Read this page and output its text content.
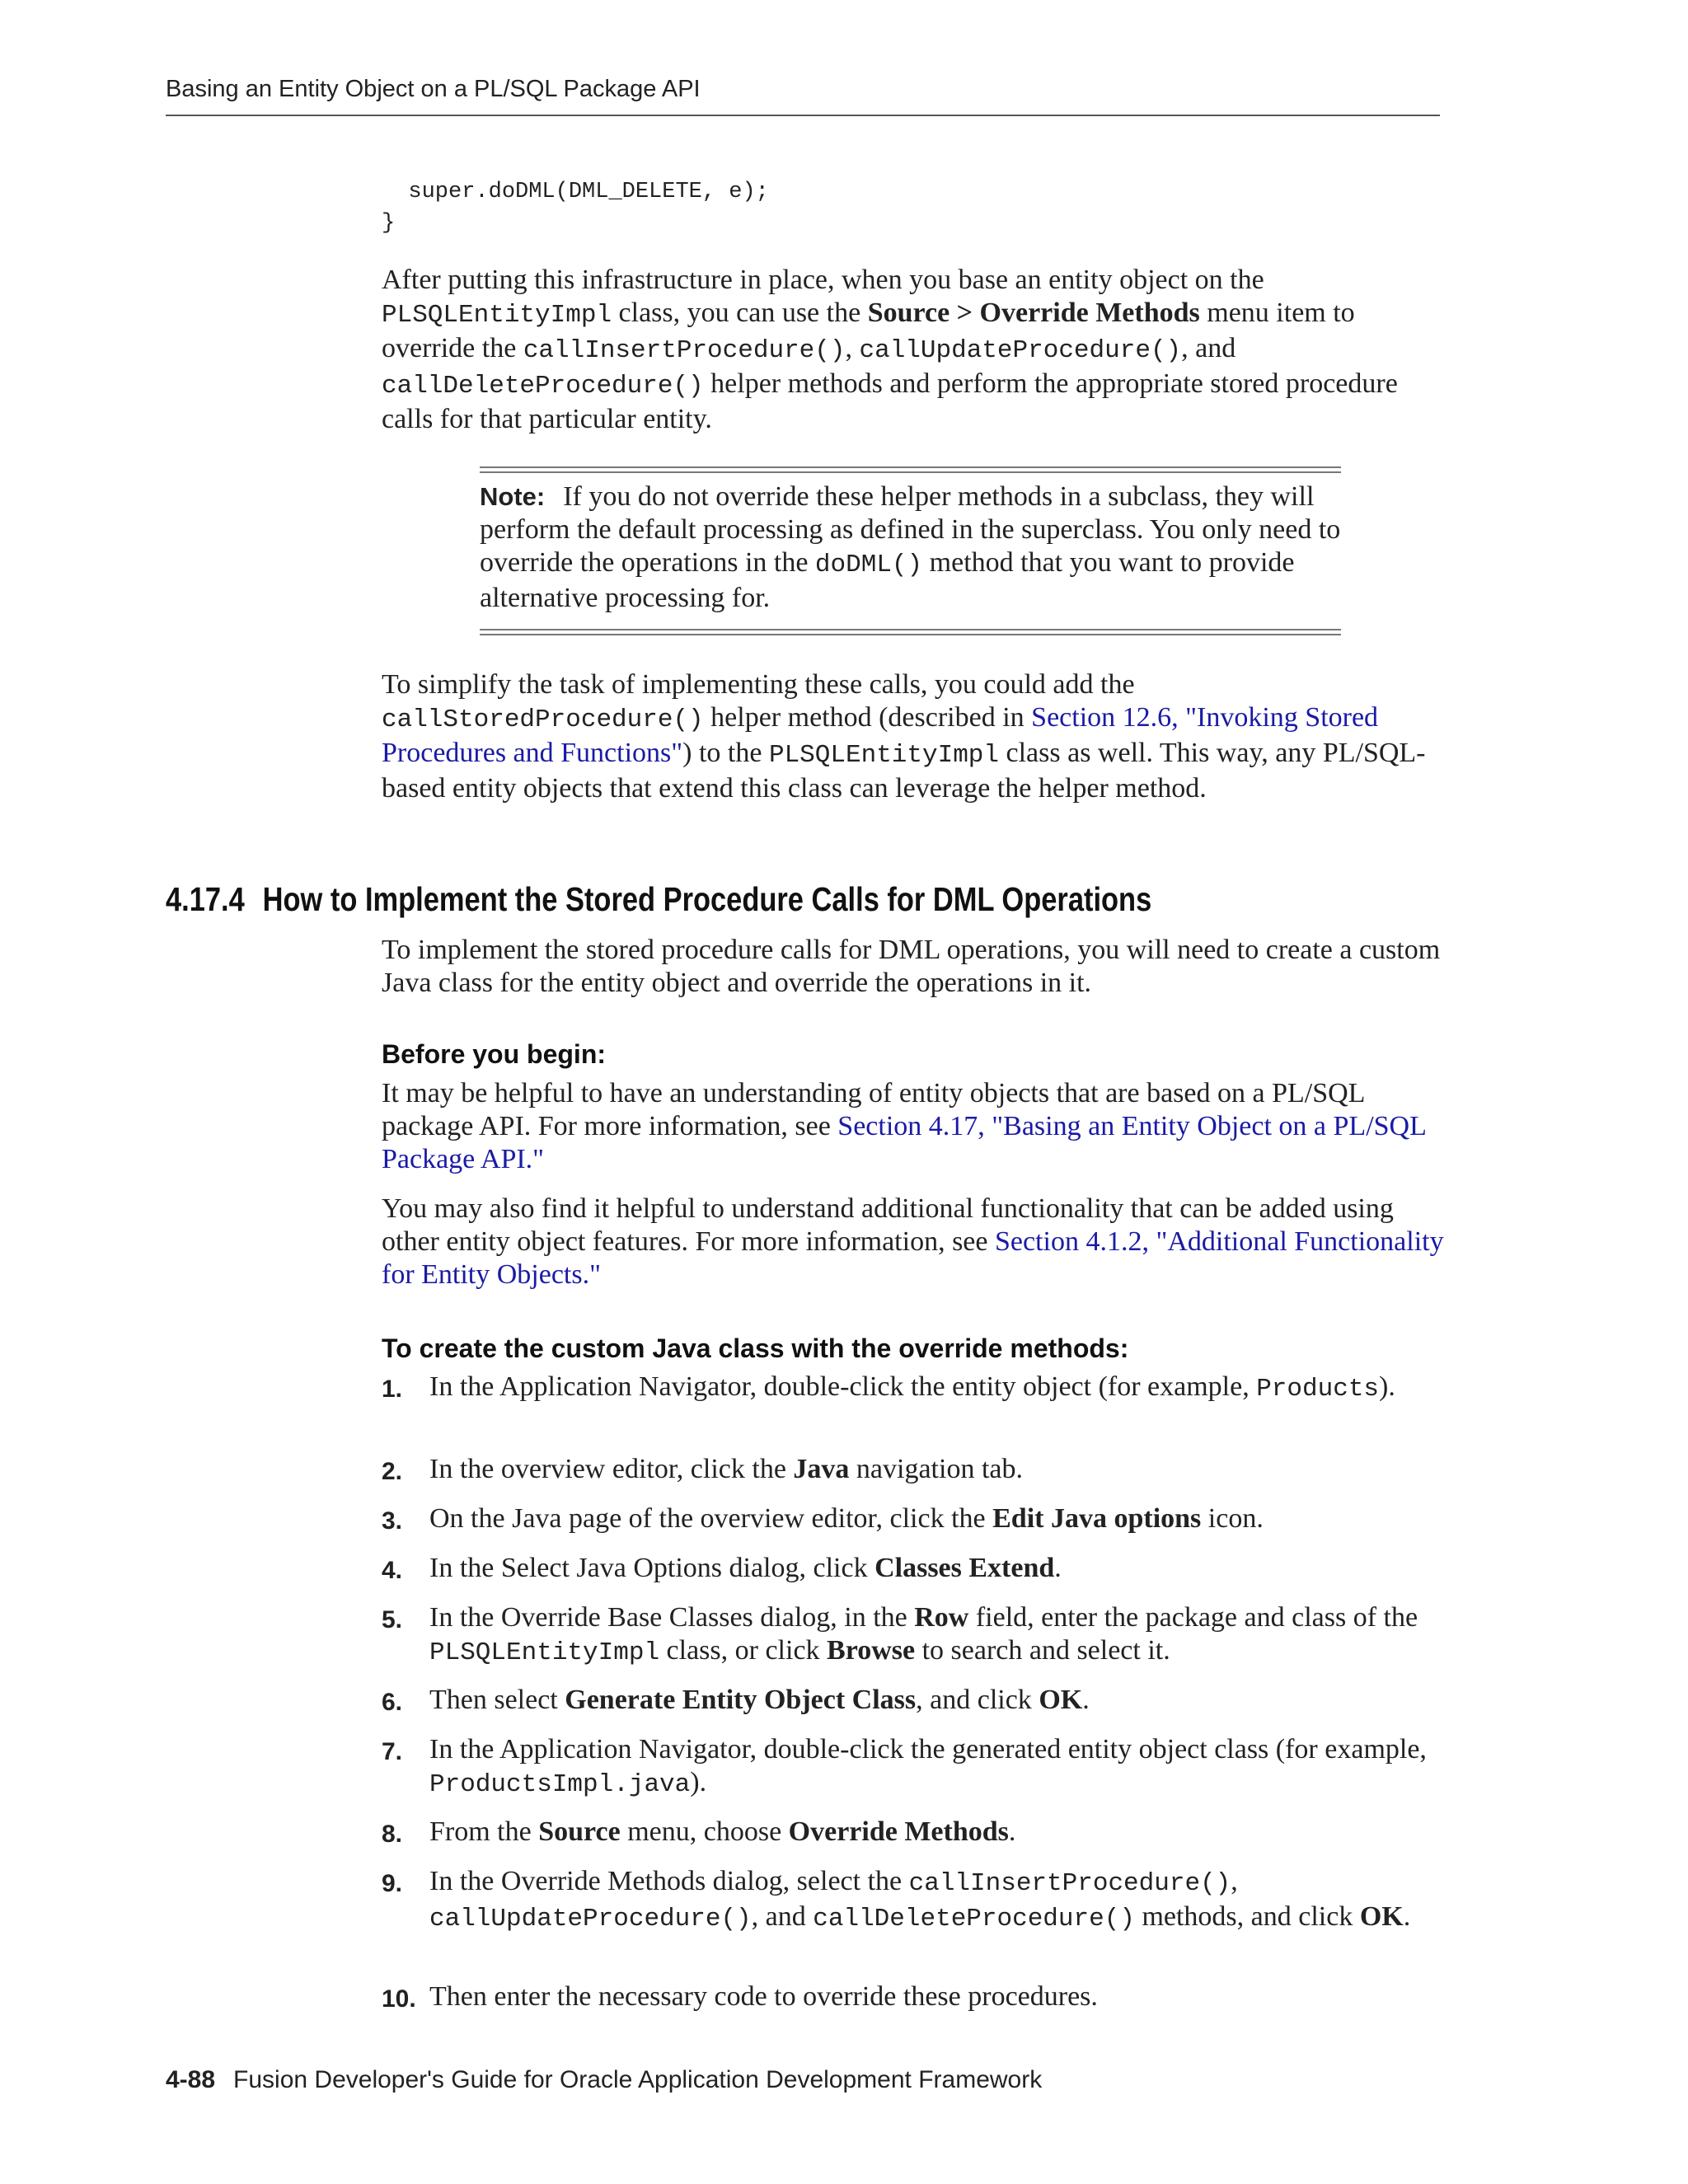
Basing an Entity Object on a PL/SQL Package API
super.doDML(DML_DELETE, e);
}

After putting this infrastructure in place, when you base an entity object on the PLSQLEntityImpl class, you can use the Source > Override Methods menu item to override the callInsertProcedure(), callUpdateProcedure(), and callDeleteProcedure() helper methods and perform the appropriate stored procedure calls for that particular entity.

Note: If you do not override these helper methods in a subclass, they will perform the default processing as defined in the superclass. You only need to override the operations in the doDML() method that you want to provide alternative processing for.

To simplify the task of implementing these calls, you could add the callStoredProcedure() helper method (described in Section 12.6, "Invoking Stored Procedures and Functions") to the PLSQLEntityImpl class as well. This way, any PL/SQL-based entity objects that extend this class can leverage the helper method.

4.17.4 How to Implement the Stored Procedure Calls for DML Operations

To implement the stored procedure calls for DML operations, you will need to create a custom Java class for the entity object and override the operations in it.

Before you begin:

It may be helpful to have an understanding of entity objects that are based on a PL/SQL package API. For more information, see Section 4.17, "Basing an Entity Object on a PL/SQL Package API."

You may also find it helpful to understand additional functionality that can be added using other entity object features. For more information, see Section 4.1.2, "Additional Functionality for Entity Objects."

To create the custom Java class with the override methods:
1. In the Application Navigator, double-click the entity object (for example, Products).
2. In the overview editor, click the Java navigation tab.
3. On the Java page of the overview editor, click the Edit Java options icon.
4. In the Select Java Options dialog, click Classes Extend.
5. In the Override Base Classes dialog, in the Row field, enter the package and class of the PLSQLEntityImpl class, or click Browse to search and select it.
6. Then select Generate Entity Object Class, and click OK.
7. In the Application Navigator, double-click the generated entity object class (for example, ProductsImpl.java).
8. From the Source menu, choose Override Methods.
9. In the Override Methods dialog, select the callInsertProcedure(), callUpdateProcedure(), and callDeleteProcedure() methods, and click OK.
10. Then enter the necessary code to override these procedures.
4-88 Fusion Developer's Guide for Oracle Application Development Framework
